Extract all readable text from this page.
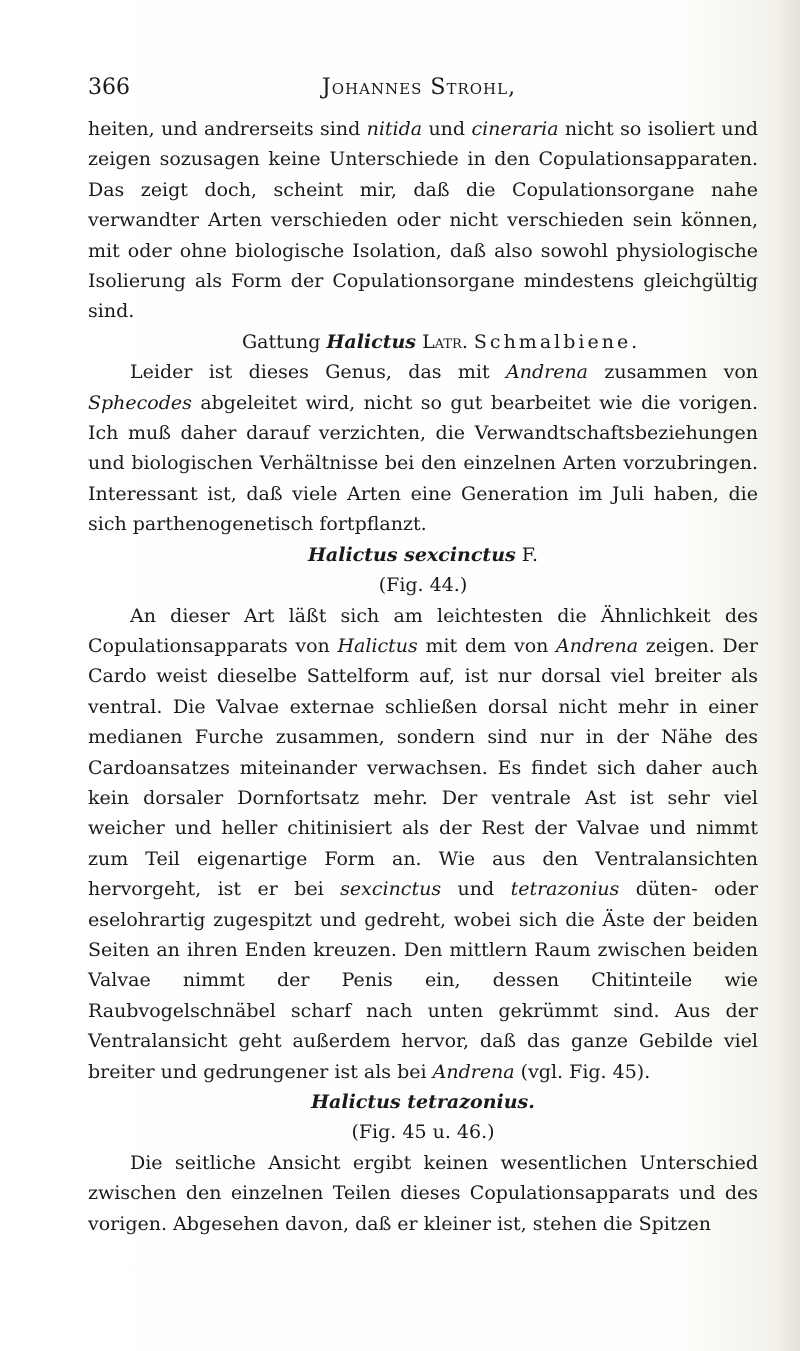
366	Johannes Strohl,

heiten, und andrerseits sind nitida und cineraria nicht so isoliert und zeigen sozusagen keine Unterschiede in den Copulationsapparaten. Das zeigt doch, scheint mir, daß die Copulationsorgane nahe verwandter Arten verschieden oder nicht verschieden sein können, mit oder ohne biologische Isolation, daß also sowohl physiologische Isolierung als Form der Copulationsorgane mindestens gleichgültig sind.

Gattung Halictus Latr. Schmalbiene.

Leider ist dieses Genus, das mit Andrena zusammen von Sphecodes abgeleitet wird, nicht so gut bearbeitet wie die vorigen. Ich muß daher darauf verzichten, die Verwandtschaftsbeziehungen und biologischen Verhältnisse bei den einzelnen Arten vorzubringen. Interessant ist, daß viele Arten eine Generation im Juli haben, die sich parthenogenetisch fortpflanzt.

Halictus sexcinctus F.

(Fig. 44.)

An dieser Art läßt sich am leichtesten die Ähnlichkeit des Copulationsapparats von Halictus mit dem von Andrena zeigen. Der Cardo weist dieselbe Sattelform auf, ist nur dorsal viel breiter als ventral. Die Valvae externae schließen dorsal nicht mehr in einer medianen Furche zusammen, sondern sind nur in der Nähe des Cardoansatzes miteinander verwachsen. Es findet sich daher auch kein dorsaler Dornfortsatz mehr. Der ventrale Ast ist sehr viel weicher und heller chitinisiert als der Rest der Valvae und nimmt zum Teil eigenartige Form an. Wie aus den Ventralansichten hervorgeht, ist er bei sexcinctus und tetrazonius düten- oder eselohrartig zugespitzt und gedreht, wobei sich die Äste der beiden Seiten an ihren Enden kreuzen. Den mittlern Raum zwischen beiden Valvae nimmt der Penis ein, dessen Chitinteile wie Raubvogelschnäbel scharf nach unten gekrümmt sind. Aus der Ventralansicht geht außerdem hervor, daß das ganze Gebilde viel breiter und gedrungener ist als bei Andrena (vgl. Fig. 45).

Halictus tetrazonius.

(Fig. 45 u. 46.)

Die seitliche Ansicht ergibt keinen wesentlichen Unterschied zwischen den einzelnen Teilen dieses Copulationsapparats und des vorigen. Abgesehen davon, daß er kleiner ist, stehen die Spitzen
